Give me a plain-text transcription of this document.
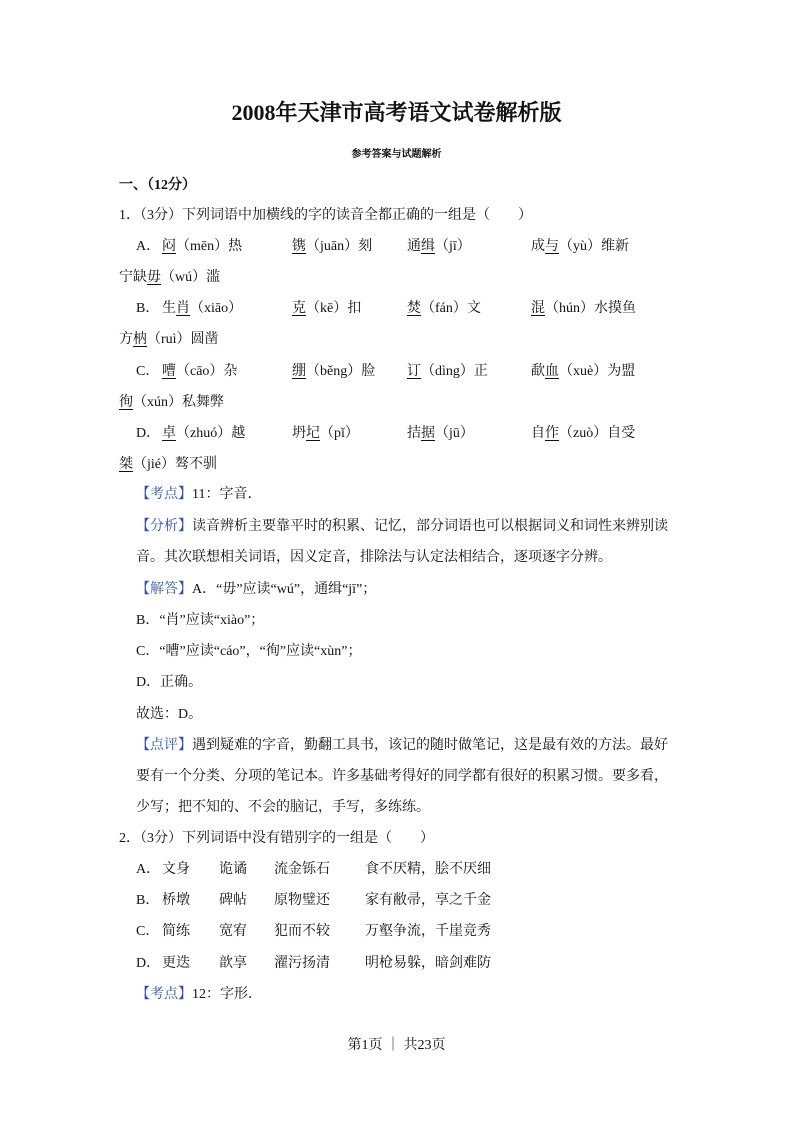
2008年天津市高考语文试卷解析版
参考答案与试题解析
一、（12分）
1．（3分）下列词语中加横线的字的读音全都正确的一组是（　　）
A． 闷（mēn）热	镌（juān）刻 通缉（jī）	成与（yù）维新
宁缺毋（wú）滥
B． 生肖（xiāo）	克（kē）扣	焚（fán）文	混（hún）水摸鱼
方枘（ruì）圆凿
C． 嘈（cāo）杂	绷（běng）脸 订（dìng）正	歃血（xuè）为盟
徇（xún）私舞弊
D． 卓（zhuó）越	坍圮（pǐ）	拮据（jū）	自作（zuò）自受
桀（jié）骜不驯
【考点】11：字音．
【分析】读音辨析主要靠平时的积累、记忆，部分词语也可以根据词义和词性来辨别读
音。其次联想相关词语，因义定音，排除法与认定法相结合，逐项逐字分辨。
【解答】A．“毋”应读“wú”，通缉“jī”；
B．“肖”应读“xiào”；
C．“嘈”应读“cáo”，“徇”应读“xùn”；
D．正确。
故选：D。
【点评】遇到疑难的字音，勤翻工具书，该记的随时做笔记，这是最有效的方法。最好
要有一个分类、分项的笔记本。许多基础考得好的同学都有很好的积累习惯。要多看，
少写；把不知的、不会的脑记，手写，多练练。
2．（3分）下列词语中没有错别字的一组是（　　）
A． 文身 诡谲 流金铄石	食不厌精，脍不厌细
B． 桥墩 碑帖 原物璧还	家有敝帚，享之千金
C． 简练 宽宥 犯而不较	万壑争流，千崖竞秀
D． 更迭 歆享 濯污扬清	明枪易躲，暗剑难防
【考点】12：字形．
第1页 ｜ 共23页
